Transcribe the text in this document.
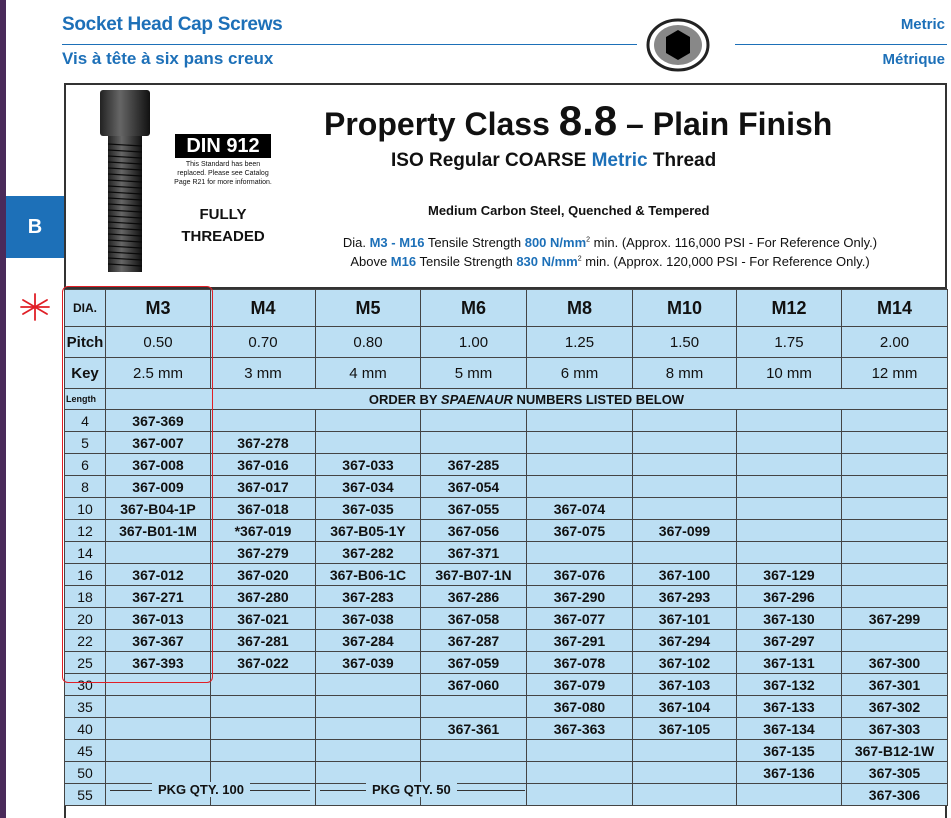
Socket Head Cap Screws
Vis à tête à six pans creux
Metric
Métrique
B
DIN 912
This Standard has been
replaced. Please see Catalog
Page R21 for more information.
FULLY
THREADED
Property Class 8.8 – Plain Finish
ISO Regular COARSE Metric Thread
Medium Carbon Steel, Quenched & Tempered
Dia. M3 - M16 Tensile Strength 800 $N/mm^2$ min. (Approx. 116,000 PSI - For Reference Only.)
Above M16 Tensile Strength 830 $N/mm^2$ min. (Approx. 120,000 PSI - For Reference Only.)
DIA.	M3	M4	M5	M6	M8	M10	M12	M14
Pitch	0.50	0.70	0.80	1.00	1.25	1.50	1.75	2.00
Key	2.5 mm	3 mm	4 mm	5 mm	6 mm	8 mm	10 mm	12 mm
Length	ORDER BY SPAENAUR NUMBERS LISTED BELOW							
4	367-369							
5	367-007	367-278						
6	367-008	367-016	367-033	367-285				
8	367-009	367-017	367-034	367-054				
10	367-B04-1P	367-018	367-035	367-055	367-074			
12	367-B01-1M	*367-019	367-B05-1Y	367-056	367-075	367-099		
14		367-279	367-282	367-371				
16	367-012	367-020	367-B06-1C	367-B07-1N	367-076	367-100	367-129	
18	367-271	367-280	367-283	367-286	367-290	367-293	367-296	
20	367-013	367-021	367-038	367-058	367-077	367-101	367-130	367-299
22	367-367	367-281	367-284	367-287	367-291	367-294	367-297	
25	367-393	367-022	367-039	367-059	367-078	367-102	367-131	367-300
30				367-060	367-079	367-103	367-132	367-301
35					367-080	367-104	367-133	367-302
40				367-361	367-363	367-105	367-134	367-303
45							367-135	367-B12-1W
50							367-136	367-305
55								367-306
PKG QTY. 100	PKG QTY. 50
